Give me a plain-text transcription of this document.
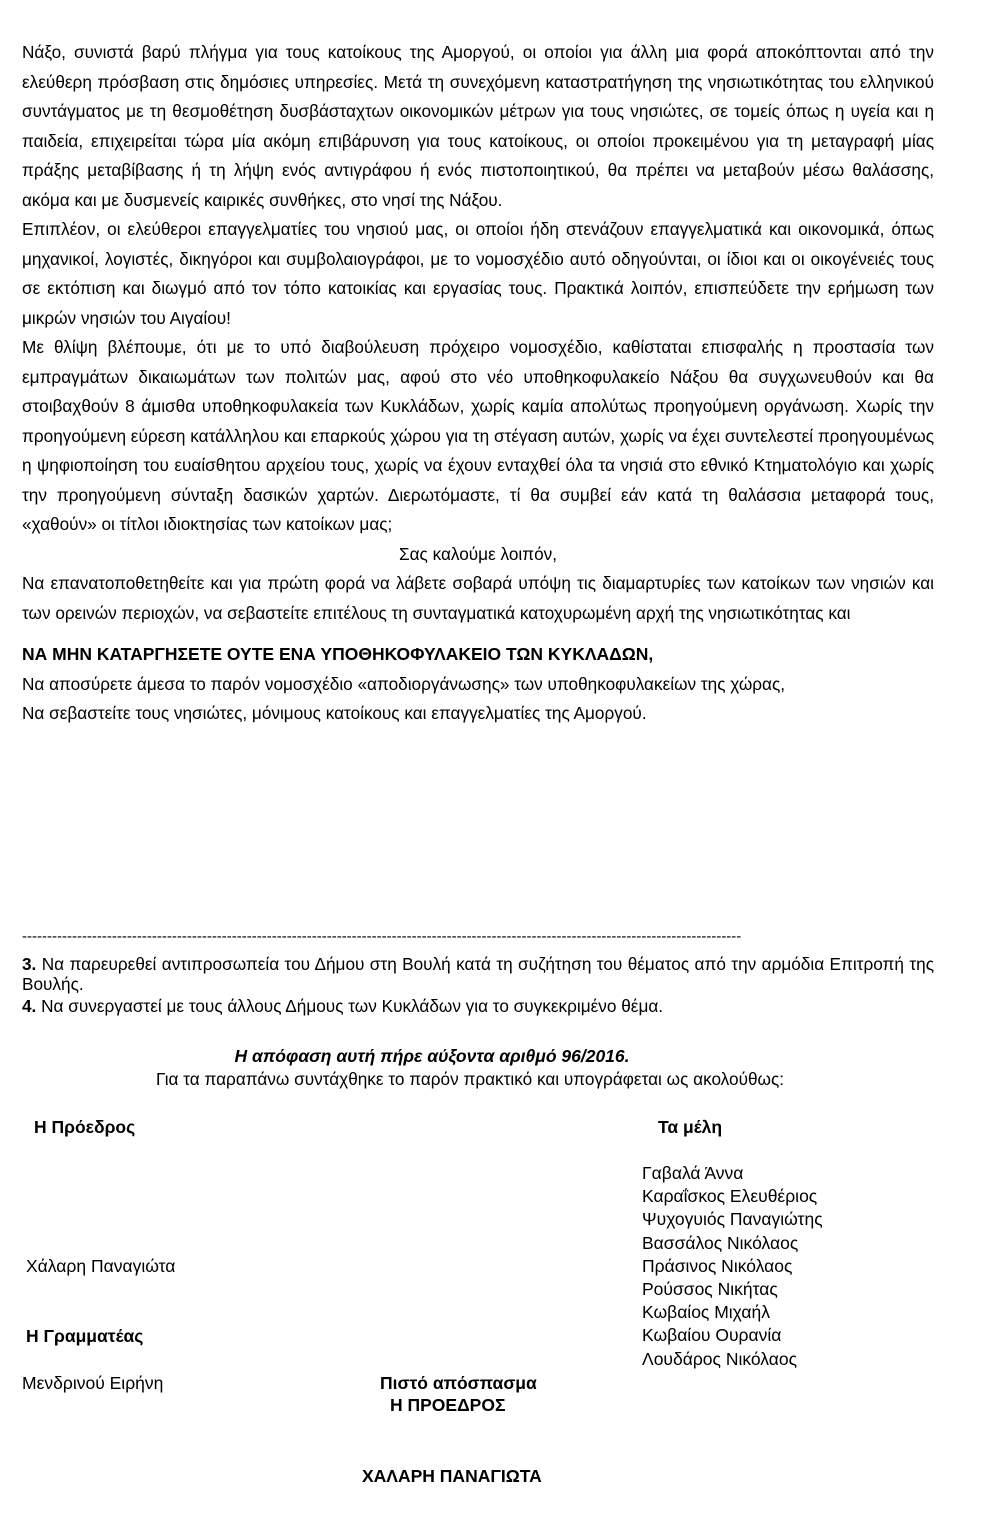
Νάξο, συνιστά βαρύ πλήγμα για τους κατοίκους της Αμοργού, οι οποίοι για άλλη μια φορά αποκόπτονται από την ελεύθερη πρόσβαση στις δημόσιες υπηρεσίες. Μετά τη συνεχόμενη καταστρατήγηση της νησιωτικότητας του ελληνικού συντάγματος με τη θεσμοθέτηση δυσβάσταχτων οικονομικών μέτρων για τους νησιώτες, σε τομείς όπως η υγεία και η παιδεία, επιχειρείται τώρα μία ακόμη επιβάρυνση για τους κατοίκους, οι οποίοι προκειμένου για τη μεταγραφή μίας πράξης μεταβίβασης ή τη λήψη ενός αντιγράφου ή ενός πιστοποιητικού, θα πρέπει να μεταβούν μέσω θαλάσσης, ακόμα και με δυσμενείς καιρικές συνθήκες, στο νησί της Νάξου.

Επιπλέον, οι ελεύθεροι επαγγελματίες του νησιού μας, οι οποίοι ήδη στενάζουν επαγγελματικά και οικονομικά, όπως μηχανικοί, λογιστές, δικηγόροι και συμβολαιογράφοι, με το νομοσχέδιο αυτό οδηγούνται, οι ίδιοι και οι οικογένειές τους σε εκτόπιση και διωγμό από τον τόπο κατοικίας και εργασίας τους. Πρακτικά λοιπόν, επισπεύδετε την ερήμωση των μικρών νησιών του Αιγαίου!

Με θλίψη βλέπουμε, ότι με το υπό διαβούλευση πρόχειρο νομοσχέδιο, καθίσταται επισφαλής η προστασία των εμπραγμάτων δικαιωμάτων των πολιτών μας, αφού στο νέο υποθηκοφυλακείο Νάξου θα συγχωνευθούν και θα στοιβαχθούν 8 άμισθα υποθηκοφυλακεία των Κυκλάδων, χωρίς καμία απολύτως προηγούμενη οργάνωση. Χωρίς την προηγούμενη εύρεση κατάλληλου και επαρκούς χώρου για τη στέγαση αυτών, χωρίς να έχει συντελεστεί προηγουμένως η ψηφιοποίηση του ευαίσθητου αρχείου τους, χωρίς να έχουν ενταχθεί όλα τα νησιά στο εθνικό Κτηματολόγιο και χωρίς την προηγούμενη σύνταξη δασικών χαρτών. Διερωτόμαστε, τί θα συμβεί εάν κατά τη θαλάσσια μεταφορά τους, «χαθούν» οι τίτλοι ιδιοκτησίας των κατοίκων μας;

Σας καλούμε λοιπόν,

Να επανατοποθετηθείτε και για πρώτη φορά να λάβετε σοβαρά υπόψη τις διαμαρτυρίες των κατοίκων των νησιών και των ορεινών περιοχών, να σεβαστείτε επιτέλους τη συνταγματικά κατοχυρωμένη αρχή της νησιωτικότητας και

ΝΑ ΜΗΝ ΚΑΤΑΡΓΗΣΕΤΕ ΟΥΤΕ ΕΝΑ ΥΠΟΘΗΚΟΦΥΛΑΚΕΙΟ ΤΩΝ ΚΥΚΛΑΔΩΝ,

Να αποσύρετε άμεσα το παρόν νομοσχέδιο «αποδιοργάνωσης» των υποθηκοφυλακείων της χώρας,

Να σεβαστείτε τους νησιώτες, μόνιμους κατοίκους και επαγγελματίες της Αμοργού.

------------------------------------------------------------------------------------------------------------------------------------------------

3. Να παρευρεθεί αντιπροσωπεία του Δήμου στη Βουλή κατά τη συζήτηση του θέματος από την αρμόδια Επιτροπή της Βουλής.

4. Να συνεργαστεί με τους άλλους Δήμους των Κυκλάδων για το συγκεκριμένο θέμα.

Η απόφαση αυτή πήρε αύξοντα αριθμό 96/2016.
Για τα παραπάνω συντάχθηκε το παρόν πρακτικό και υπογράφεται ως ακολούθως:
Η Πρόεδρος	Τα μέλη
Γαβαλά Άννα
Καραΐσκος Ελευθέριος
Ψυχογυιός Παναγιώτης
Βασσάλος Νικόλαος
Πράσινος Νικόλαος
Ρούσσος Νικήτας
Κωβαίος Μιχαήλ
Κωβαίου Ουρανία
Λουδάρος Νικόλαος
Χάλαρη Παναγιώτα
Η Γραμματέας
Μενδρινού Ειρήνη	Πιστό απόσπασμα
Η ΠΡΟΕΔΡΟΣ
ΧΑΛΑΡΗ ΠΑΝΑΓΙΩΤΑ
